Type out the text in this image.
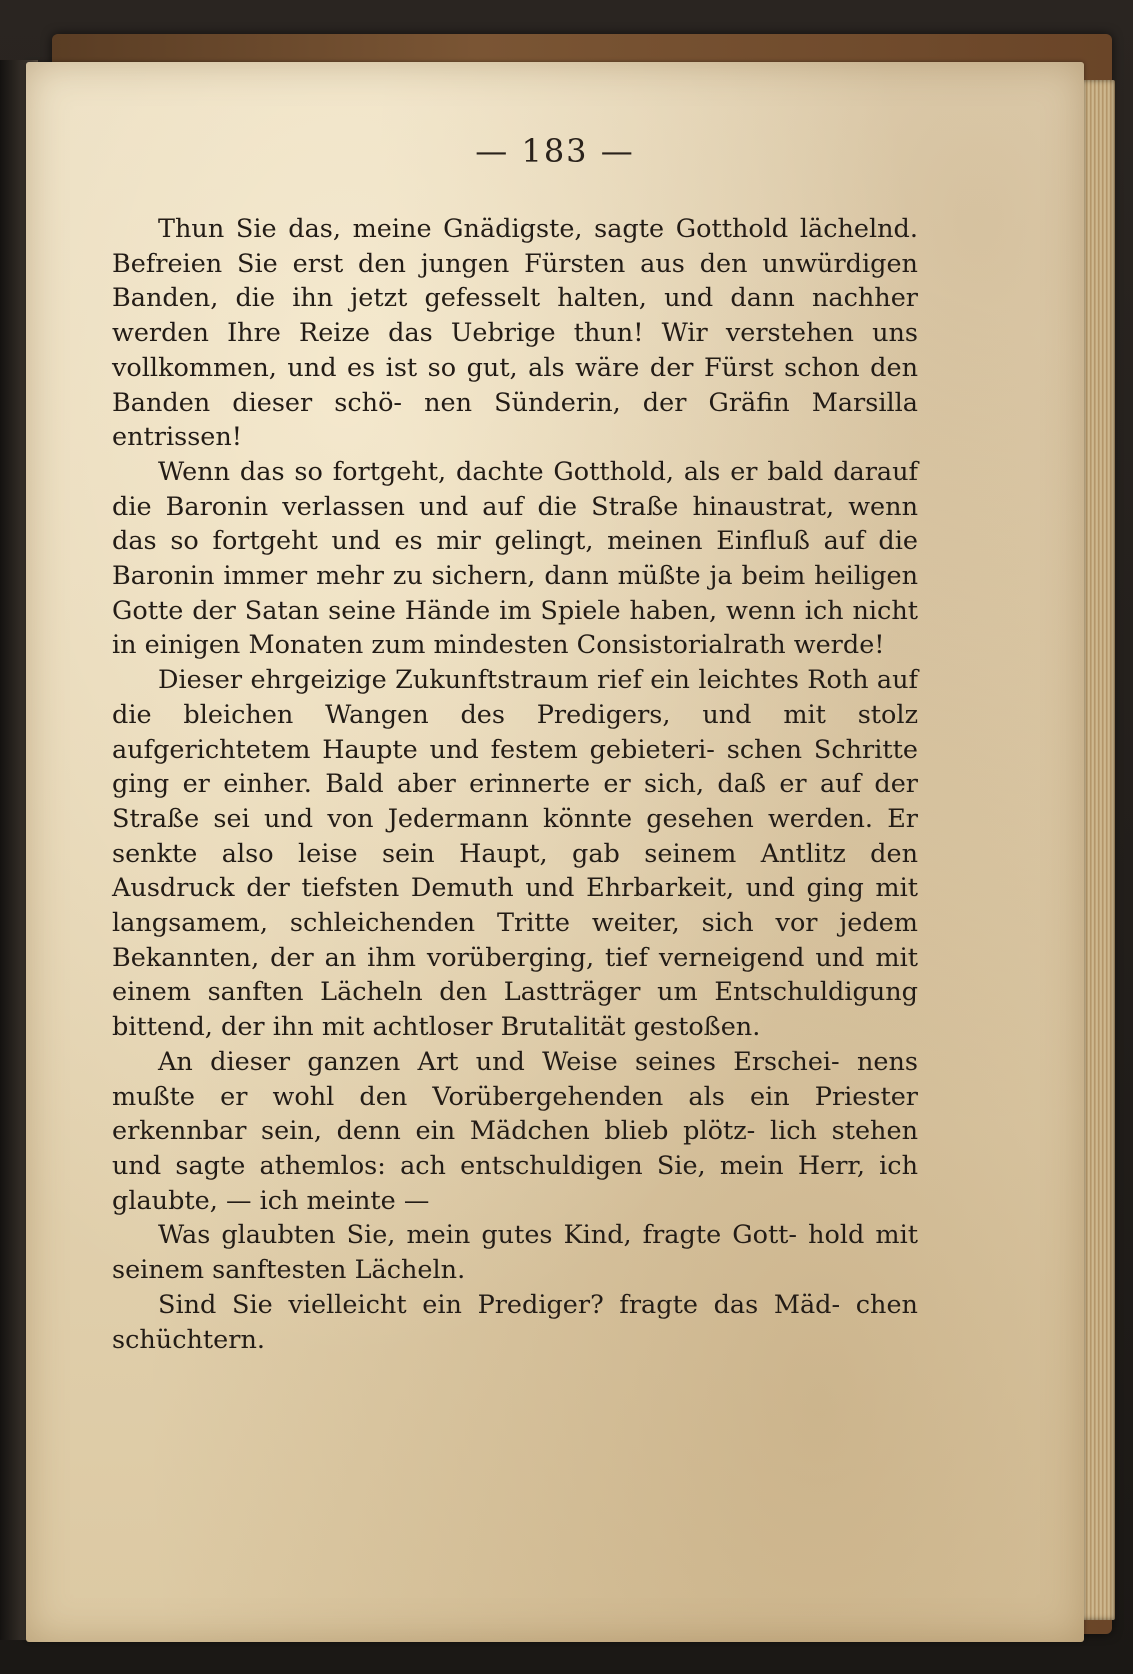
— 183 —

Thun Sie das, meine Gnädigste, sagte Gotthold lächelnd. Befreien Sie erst den jungen Fürsten aus den unwürdigen Banden, die ihn jetzt gefesselt halten, und dann nachher werden Ihre Reize das Uebrige thun! Wir verstehen uns vollkommen, und es ist so gut, als wäre der Fürst schon den Banden dieser schö- nen Sünderin, der Gräfin Marsilla entrissen!

Wenn das so fortgeht, dachte Gotthold, als er bald darauf die Baronin verlassen und auf die Straße hinaustrat, wenn das so fortgeht und es mir gelingt, meinen Einfluß auf die Baronin immer mehr zu sichern, dann müßte ja beim heiligen Gotte der Satan seine Hände im Spiele haben, wenn ich nicht in einigen Monaten zum mindesten Consistorialrath werde!

Dieser ehrgeizige Zukunftstraum rief ein leichtes Roth auf die bleichen Wangen des Predigers, und mit stolz aufgerichtetem Haupte und festem gebieteri- schen Schritte ging er einher. Bald aber erinnerte er sich, daß er auf der Straße sei und von Jedermann könnte gesehen werden. Er senkte also leise sein Haupt, gab seinem Antlitz den Ausdruck der tiefsten Demuth und Ehrbarkeit, und ging mit langsamem, schleichenden Tritte weiter, sich vor jedem Bekannten, der an ihm vorüberging, tief verneigend und mit einem sanften Lächeln den Lastträger um Entschuldigung bittend, der ihn mit achtloser Brutalität gestoßen.

An dieser ganzen Art und Weise seines Erschei- nens mußte er wohl den Vorübergehenden als ein Priester erkennbar sein, denn ein Mädchen blieb plötz- lich stehen und sagte athemlos: ach entschuldigen Sie, mein Herr, ich glaubte, — ich meinte —

Was glaubten Sie, mein gutes Kind, fragte Gott- hold mit seinem sanftesten Lächeln.

Sind Sie vielleicht ein Prediger? fragte das Mäd- chen schüchtern.
